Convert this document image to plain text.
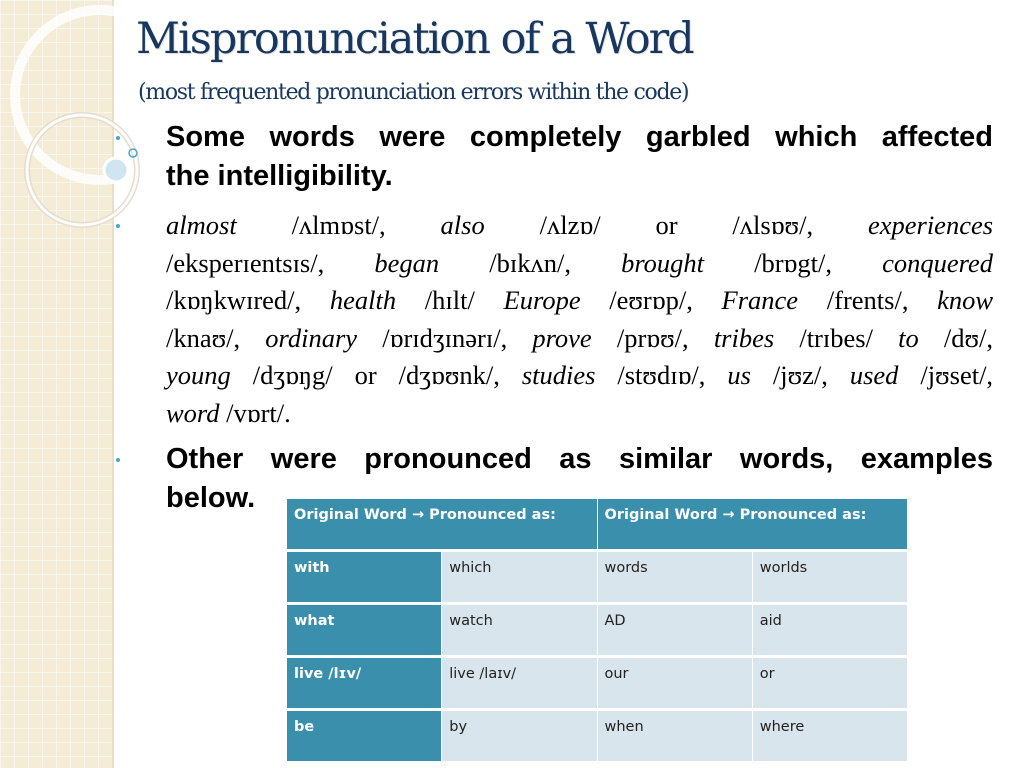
Mispronunciation of a Word
(most frequented pronunciation errors within the code)

Some words were completely garbled which affected
the intelligibility.

almost /ʌlmɒst/, also /ʌlzɒ/ or /ʌlsɒʊ/, experiences
/eksperɪentsɪs/, began /bɪkʌn/, brought /brɒgt/, conquered
/kɒŋkwɪred/, health /hɪlt/ Europe /eʊrɒp/, France /frents/, know
/knaʊ/, ordinary /ɒrɪdʒɪnərɪ/, prove /prɒʊ/, tribes /trɪbes/ to /dʊ/,
young /dʒɒŋg/ or /dʒɒʊnk/, studies /stʊdɪɒ/, us /jʊz/, used /jʊset/,
word /vɒrt/.

Other were pronounced as similar words, examples
below.

Original Word → Pronounced as:		Original Word → Pronounced as:	
with	which	words	worlds
what	watch	AD	aid
live /lɪv/	live /laɪv/	our	or
be	by	when	where
